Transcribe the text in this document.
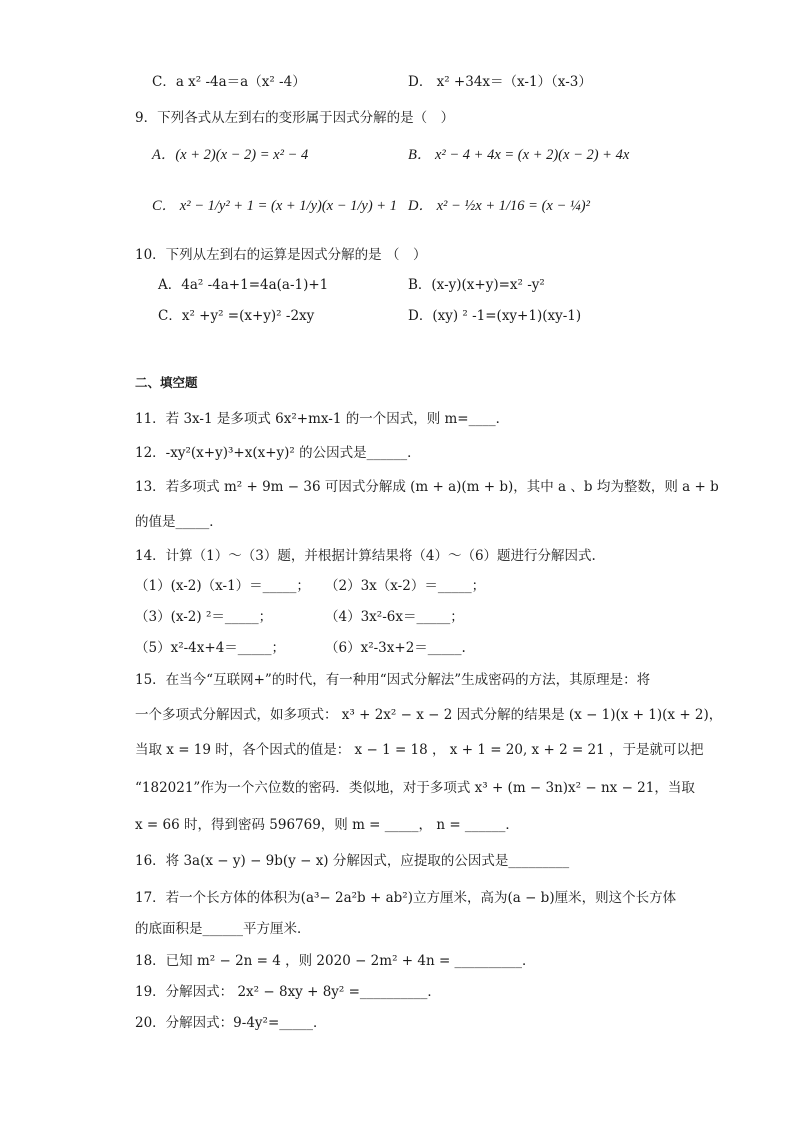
C．a x² -4a＝a（x² -4）	D． x² +34x＝（x-1）（x-3）
9．下列各式从左到右的变形属于因式分解的是（　）
A．(x + 2)(x − 2) = x² − 4	B． x² − 4 + 4x = (x + 2)(x − 2) + 4x
C． x² − 1/y² + 1 = (x + 1/y)(x − 1/y) + 1 D． x² − ½x + 1/16 = (x − ¼)²
10．下列从左到右的运算是因式分解的是 （　）
A．4a² -4a+1=4a(a-1)+1	B．(x-y)(x+y)=x² -y²
C．x² +y² =(x+y)² -2xy	D．(xy) ² -1=(xy+1)(xy-1)
二、填空题
11．若 3x-1 是多项式 6x²+mx-1 的一个因式，则 m=____．
12．-xy²(x+y)³+x(x+y)² 的公因式是______．
13．若多项式 m² + 9m − 36 可因式分解成 (m + a)(m + b)，其中 a 、b 均为整数，则 a + b
的值是_____．
14．计算（1）～（3）题，并根据计算结果将（4）～（6）题进行分解因式.
（1）(x-2)（x-1）＝_____； （2）3x（x-2）＝_____；
（3）(x-2) ²＝_____；	（4）3x²-6x＝_____；
（5）x²-4x+4＝_____；	（6）x²-3x+2＝_____.
15．在当今“互联网+”的时代，有一种用“因式分解法”生成密码的方法，其原理是：将
一个多项式分解因式，如多项式： x³ + 2x² − x − 2 因式分解的结果是 (x − 1)(x + 1)(x + 2)，
当取 x = 19 时，各个因式的值是： x − 1 = 18 ， x + 1 = 20, x + 2 = 21 ，于是就可以把
“182021”作为一个六位数的密码．类似地，对于多项式 x³ + (m − 3n)x² − nx − 21，当取
x = 66 时，得到密码 596769，则 m = _____， n = ______．
16．将 3a(x − y) − 9b(y − x) 分解因式，应提取的公因式是_________
17．若一个长方体的体积为(a³− 2a²b + ab²)立方厘米，高为(a − b)厘米，则这个长方体
的底面积是______平方厘米．
18．已知 m² − 2n = 4 ，则 2020 − 2m² + 4n = __________．
19．分解因式： 2x² − 8xy + 8y² =__________．
20．分解因式：9-4y²=_____．
